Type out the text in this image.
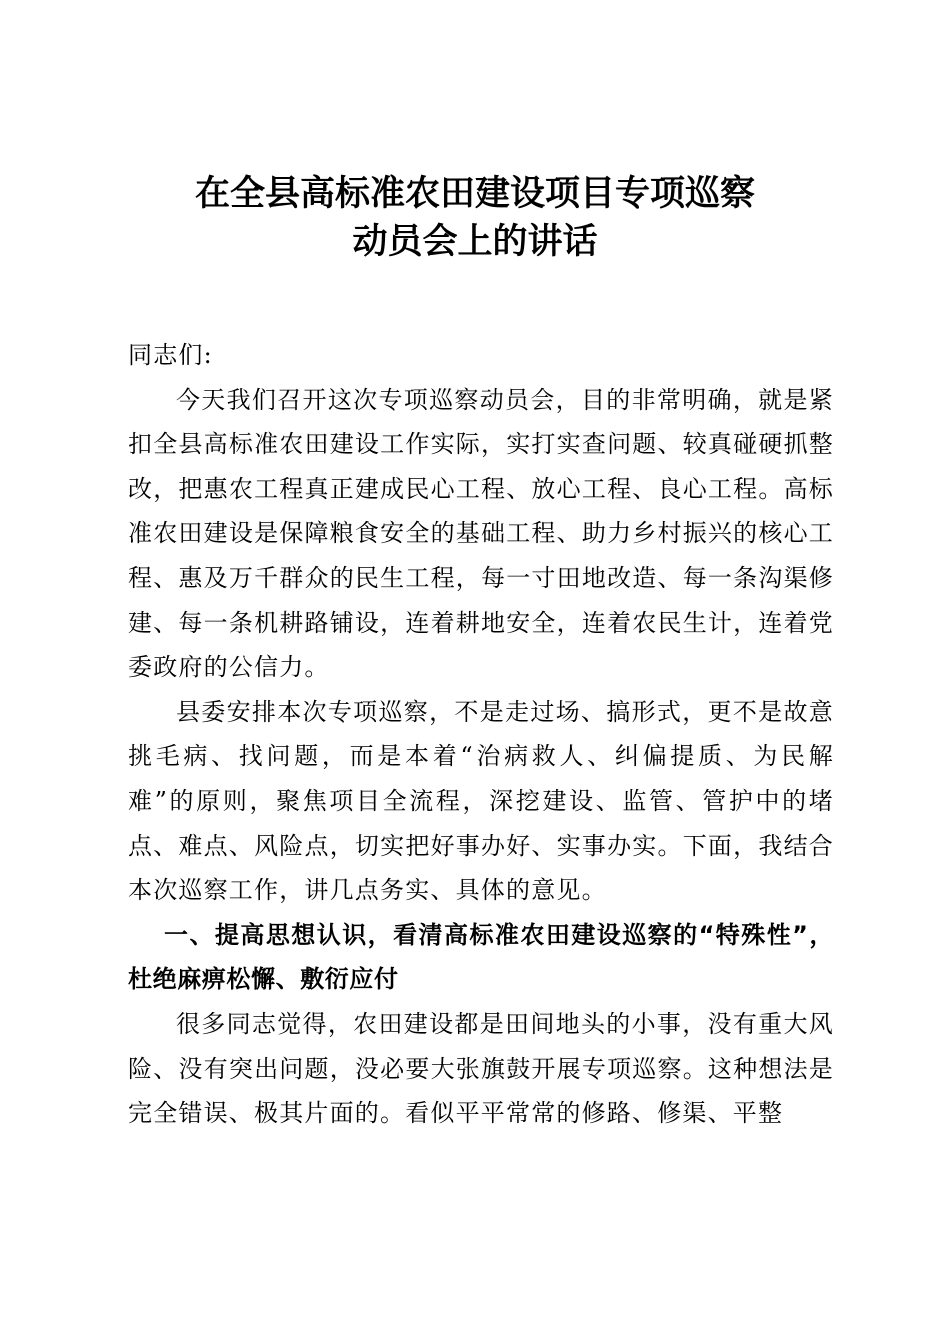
在全县高标准农田建设项目专项巡察
动员会上的讲话

同志们:

今天我们召开这次专项巡察动员会，目的非常明确，就是紧扣全县高标准农田建设工作实际，实打实查问题、较真碰硬抓整改，把惠农工程真正建成民心工程、放心工程、良心工程。高标准农田建设是保障粮食安全的基础工程、助力乡村振兴的核心工程、惠及万千群众的民生工程，每一寸田地改造、每一条沟渠修建、每一条机耕路铺设，连着耕地安全，连着农民生计，连着党委政府的公信力。

县委安排本次专项巡察，不是走过场、搞形式，更不是故意挑毛病、找问题，而是本着“治病救人、纠偏提质、为民解难”的原则，聚焦项目全流程，深挖建设、监管、管护中的堵点、难点、风险点，切实把好事办好、实事办实。下面，我结合本次巡察工作，讲几点务实、具体的意见。

一、提高思想认识，看清高标准农田建设巡察的“特殊性”，杜绝麻痹松懈、敷衍应付

很多同志觉得，农田建设都是田间地头的小事，没有重大风险、没有突出问题，没必要大张旗鼓开展专项巡察。这种想法是完全错误、极其片面的。看似平平常常的修路、修渠、平整
